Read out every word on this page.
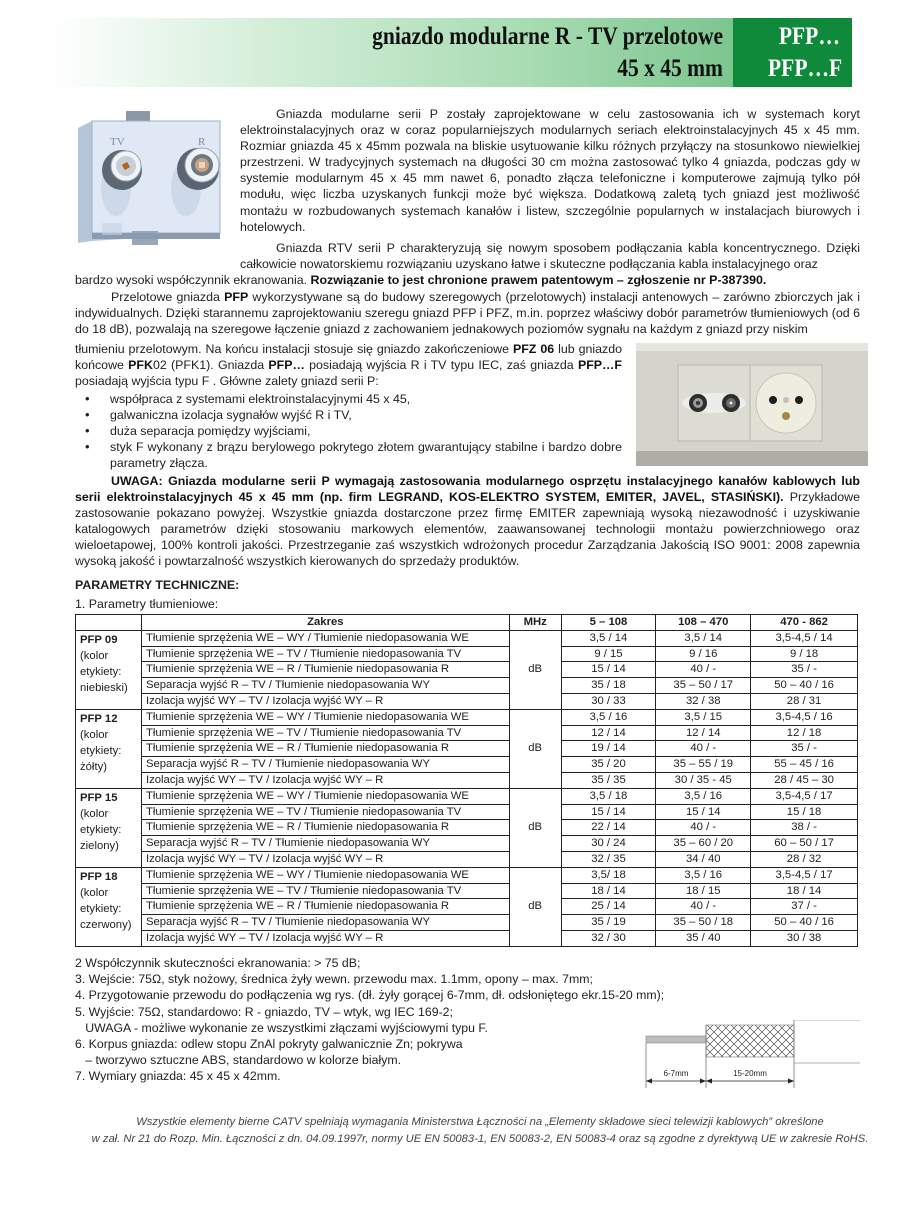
gniazdo modularne R - TV przelotowe
45 x 45 mm
PFP…
PFP…F
TV	R
Gniazda modularne serii P zostały zaprojektowane w celu zastosowania ich w systemach koryt elektroinstalacyjnych oraz w coraz popularniejszych modularnych seriach elektroinstalacyjnych 45 x 45 mm. Rozmiar gniazda 45 x 45mm pozwala na bliskie usytuowanie kilku różnych przyłączy na stosunkowo niewielkiej przestrzeni. W tradycyjnych systemach na długości 30 cm można zastosować tylko 4 gniazda, podczas gdy w systemie modularnym 45 x 45 mm nawet 6, ponadto złącza telefoniczne i komputerowe zajmują tylko pół modułu, więc liczba uzyskanych funkcji może być większa. Dodatkową zaletą tych gniazd jest możliwość montażu w rozbudowanych systemach kanałów i listew, szczególnie popularnych w instalacjach biurowych i hotelowych.
Gniazda RTV serii P charakteryzują się nowym sposobem podłączania kabla koncentrycznego. Dzięki całkowicie nowatorskiemu rozwiązaniu uzyskano łatwe i skuteczne podłączania kabla instalacyjnego oraz
bardzo wysoki współczynnik ekranowania. Rozwiązanie to jest chronione prawem patentowym – zgłoszenie nr P-387390.
Przelotowe gniazda PFP wykorzystywane są do budowy szeregowych (przelotowych) instalacji antenowych – zarówno zbiorczych jak i indywidualnych. Dzięki starannemu zaprojektowaniu szeregu gniazd PFP i PFZ, m.in. poprzez właściwy dobór parametrów tłumieniowych (od 6 do 18 dB), pozwalają na szeregowe łączenie gniazd z zachowaniem jednakowych poziomów sygnału na każdym z gniazd przy niskim
tłumieniu przelotowym. Na końcu instalacji stosuje się gniazdo zakończeniowe PFZ 06 lub gniazdo końcowe PFK02 (PFK1). Gniazda PFP… posiadają wyjścia R i TV typu IEC, zaś gniazda PFP…F posiadają wyjścia typu F . Główne zalety gniazd serii P:
• współpraca z systemami elektroinstalacyjnymi 45 x 45,
• galwaniczna izolacja sygnałów wyjść R i TV,
• duża separacja pomiędzy wyjściami,
• styk F wykonany z brązu berylowego pokrytego złotem gwarantujący stabilne i bardzo dobre parametry złącza.
UWAGA: Gniazda modularne serii P wymagają zastosowania modularnego osprzętu instalacyjnego kanałów kablowych lub serii elektroinstalacyjnych 45 x 45 mm (np. firm LEGRAND, KOS-ELEKTRO SYSTEM, EMITER, JAVEL, STASIŃSKI). Przykładowe zastosowanie pokazano powyżej. Wszystkie gniazda dostarczone przez firmę EMITER zapewniają wysoką niezawodność i uzyskiwanie katalogowych parametrów dzięki stosowaniu markowych elementów, zaawansowanej technologii montażu powierzchniowego oraz wieloetapowej, 100% kontroli jakości. Przestrzeganie zaś wszystkich wdrożonych procedur Zarządzania Jakością ISO 9001: 2008 zapewnia wysoką jakość i powtarzalność wszystkich kierowanych do sprzedaży produktów.
PARAMETRY TECHNICZNE:
1. Parametry tłumieniowe:
	Zakres	MHz	5 – 108	108 – 470	470 - 862

PFP 09
(kolor etykiety: niebieski)	Tłumienie sprzężenia WE – WY / Tłumienie niedopasowania WE	dB	3,5 / 14	3,5 / 14	3,5-4,5 / 14
	Tłumienie sprzężenia WE – TV / Tłumienie niedopasowania TV		9 / 15	9 / 16	9 / 18
	Tłumienie sprzężenia WE – R / Tłumienie niedopasowania R		15 / 14	40 / -	35 / -
	Separacja wyjść R – TV / Tłumienie niedopasowania WY		35 / 18	35 – 50 / 17	50 – 40 / 16
	Izolacja wyjść WY – TV / Izolacja wyjść WY – R		30 / 33	32 / 38	28 / 31

PFP 12
(kolor etykiety: żółty)	Tłumienie sprzężenia WE – WY / Tłumienie niedopasowania WE	dB	3,5 / 16	3,5 / 15	3,5-4,5 / 16
	Tłumienie sprzężenia WE – TV / Tłumienie niedopasowania TV		12 / 14	12 / 14	12 / 18
	Tłumienie sprzężenia WE – R / Tłumienie niedopasowania R		19 / 14	40 / -	35 / -
	Separacja wyjść R – TV / Tłumienie niedopasowania WY		35 / 20	35 – 55 / 19	55 – 45 / 16
	Izolacja wyjść WY – TV / Izolacja wyjść WY – R		35 / 35	30 / 35 - 45	28 / 45 – 30

PFP 15
(kolor etykiety: zielony)	Tłumienie sprzężenia WE – WY / Tłumienie niedopasowania WE	dB	3,5 / 18	3,5 / 16	3,5-4,5 / 17
	Tłumienie sprzężenia WE – TV / Tłumienie niedopasowania TV		15 / 14	15 / 14	15 / 18
	Tłumienie sprzężenia WE – R / Tłumienie niedopasowania R		22 / 14	40 / -	38 / -
	Separacja wyjść R – TV / Tłumienie niedopasowania WY		30 / 24	35 – 60 / 20	60 – 50 / 17
	Izolacja wyjść WY – TV / Izolacja wyjść WY – R		32 / 35	34 / 40	28 / 32

PFP 18
(kolor etykiety: czerwony)	Tłumienie sprzężenia WE – WY / Tłumienie niedopasowania WE	dB	3,5/ 18	3,5 / 16	3,5-4,5 / 17
	Tłumienie sprzężenia WE – TV / Tłumienie niedopasowania TV		18 / 14	18 / 15	18 / 14
	Tłumienie sprzężenia WE – R / Tłumienie niedopasowania R		25 / 14	40 / -	37 / -
	Separacja wyjść R – TV / Tłumienie niedopasowania WY		35 / 19	35 – 50 / 18	50 – 40 / 16
	Izolacja wyjść WY – TV / Izolacja wyjść WY – R		32 / 30	35 / 40	30 / 38
2 Współczynnik skuteczności ekranowania: > 75 dB;
3. Wejście: 75Ω, styk nożowy, średnica żyły wewn. przewodu max. 1.1mm, opony – max. 7mm;
4. Przygotowanie przewodu do podłączenia wg rys. (dł. żyły gorącej 6-7mm, dł. odsłoniętego ekr.15-20 mm);
5. Wyjście: 75Ω, standardowo: R - gniazdo, TV – wtyk, wg IEC 169-2;
UWAGA - możliwe wykonanie ze wszystkimi złączami wyjściowymi typu F.
6. Korpus gniazda: odlew stopu ZnAl pokryty galwanicznie Zn; pokrywa
– tworzywo sztuczne ABS, standardowo w kolorze białym.
7. Wymiary gniazda: 45 x 45 x 42mm.	6-7mm	15-20mm
Wszystkie elementy bierne CATV spełniają wymagania Ministerstwa Łączności na „Elementy składowe sieci telewizji kablowych” określone
w zał. Nr 21 do Rozp. Min. Łączności z dn. 04.09.1997r, normy UE EN 50083-1, EN 50083-2, EN 50083-4 oraz są zgodne z dyrektywą UE w zakresie RoHS.
